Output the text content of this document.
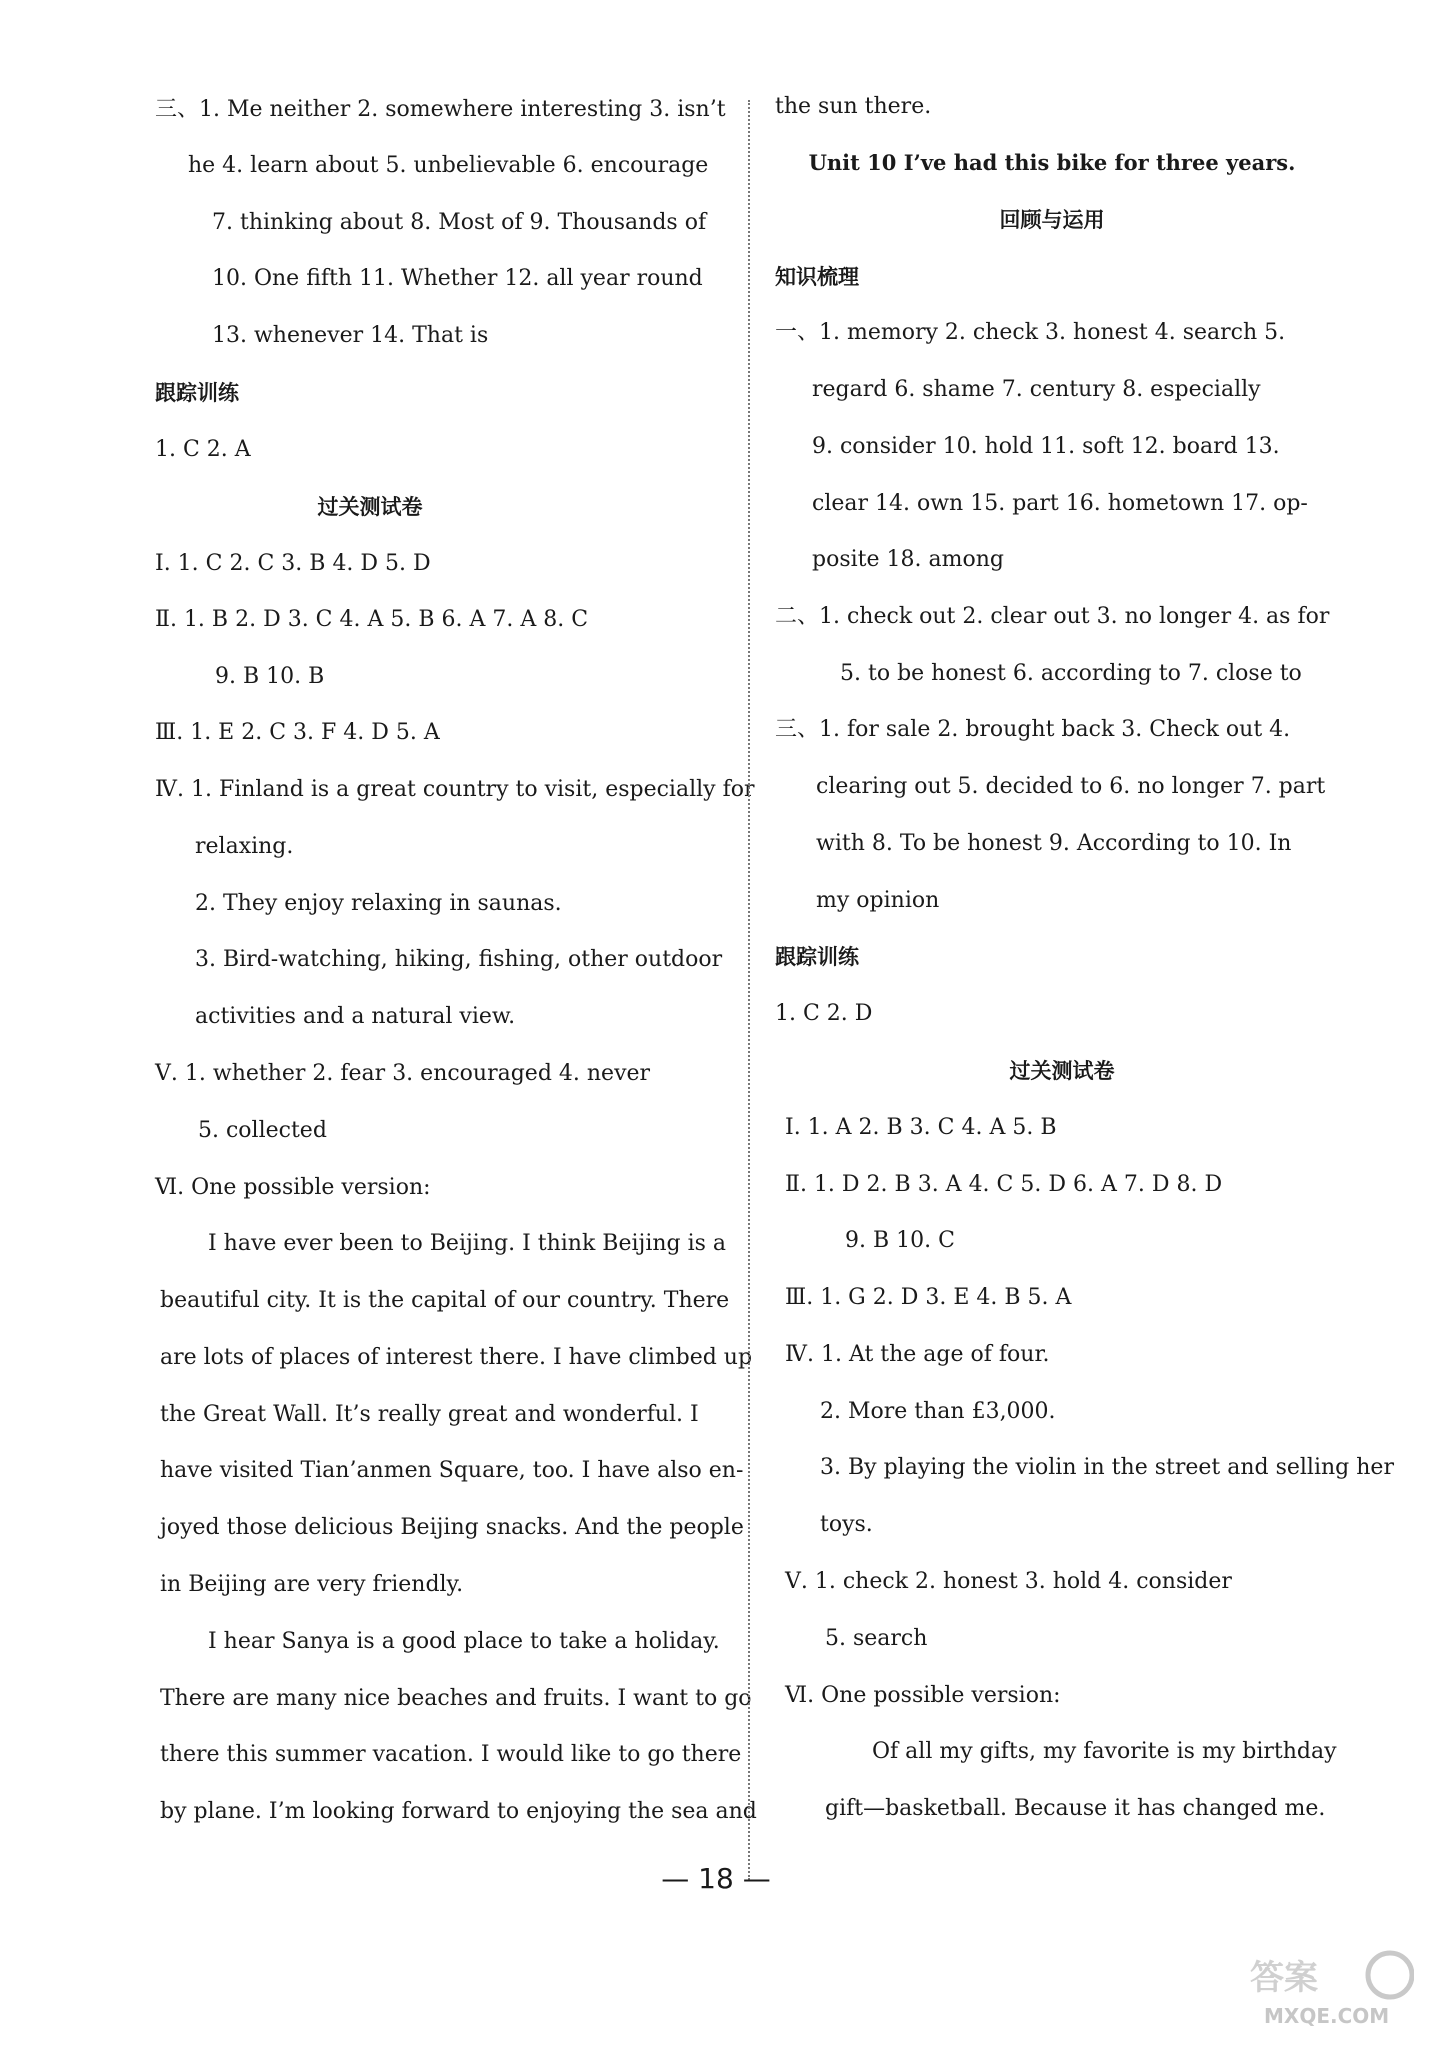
三、1. Me neither 2. somewhere interesting 3. isn’t
he 4. learn about 5. unbelievable 6. encourage
7. thinking about 8. Most of 9. Thousands of
10. One fifth 11. Whether 12. all year round
13. whenever 14. That is
跟踪训练
1. C 2. A
过关测试卷
Ⅰ. 1. C 2. C 3. B 4. D 5. D
Ⅱ. 1. B 2. D 3. C 4. A 5. B 6. A 7. A 8. C
9. B 10. B
Ⅲ. 1. E 2. C 3. F 4. D 5. A
Ⅳ. 1. Finland is a great country to visit, especially for
relaxing.
2. They enjoy relaxing in saunas.
3. Bird-watching, hiking, fishing, other outdoor
activities and a natural view.
Ⅴ. 1. whether 2. fear 3. encouraged 4. never
5. collected
Ⅵ. One possible version:
I have ever been to Beijing. I think Beijing is a
beautiful city. It is the capital of our country. There
are lots of places of interest there. I have climbed up
the Great Wall. It’s really great and wonderful. I
have visited Tian’anmen Square, too. I have also en-
joyed those delicious Beijing snacks. And the people
in Beijing are very friendly.
I hear Sanya is a good place to take a holiday.
There are many nice beaches and fruits. I want to go
there this summer vacation. I would like to go there
by plane. I’m looking forward to enjoying the sea and
the sun there.
Unit 10 I’ve had this bike for three years.
回顾与运用
知识梳理
一、1. memory 2. check 3. honest 4. search 5.
regard 6. shame 7. century 8. especially
9. consider 10. hold 11. soft 12. board 13.
clear 14. own 15. part 16. hometown 17. op-
posite 18. among
二、1. check out 2. clear out 3. no longer 4. as for
5. to be honest 6. according to 7. close to
三、1. for sale 2. brought back 3. Check out 4.
clearing out 5. decided to 6. no longer 7. part
with 8. To be honest 9. According to 10. In
my opinion
跟踪训练
1. C 2. D
过关测试卷
Ⅰ. 1. A 2. B 3. C 4. A 5. B
Ⅱ. 1. D 2. B 3. A 4. C 5. D 6. A 7. D 8. D
9. B 10. C
Ⅲ. 1. G 2. D 3. E 4. B 5. A
Ⅳ. 1. At the age of four.
2. More than £3,000.
3. By playing the violin in the street and selling her
toys.
Ⅴ. 1. check 2. honest 3. hold 4. consider
5. search
Ⅵ. One possible version:
Of all my gifts, my favorite is my birthday
gift—basketball. Because it has changed me.
— 18 —
答案
MXQE.COM
